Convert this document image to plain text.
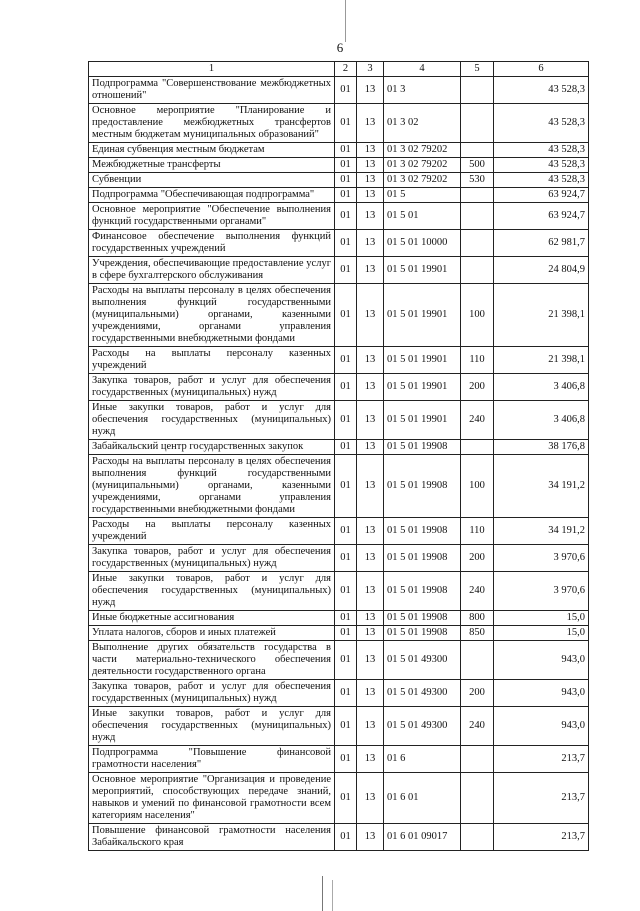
6
1	2	3	4	5	6
Подпрограмма "Совершенствование межбюджетных отношений"	01	13	01 3		43 528,3
Основное мероприятие "Планирование и предоставление межбюджетных трансфертов местным бюджетам муниципальных образований"	01	13	01 3 02		43 528,3
Единая субвенция местным бюджетам	01	13	01 3 02 79202		43 528,3
Межбюджетные трансферты	01	13	01 3 02 79202	500	43 528,3
Субвенции	01	13	01 3 02 79202	530	43 528,3
Подпрограмма "Обеспечивающая подпрограмма"	01	13	01 5		63 924,7
Основное мероприятие "Обеспечение выполнения функций государственными органами"	01	13	01 5 01		63 924,7
Финансовое обеспечение выполнения функций государственных учреждений	01	13	01 5 01 10000		62 981,7
Учреждения, обеспечивающие предоставление услуг в сфере бухгалтерского обслуживания	01	13	01 5 01 19901		24 804,9
Расходы на выплаты персоналу в целях обеспечения выполнения функций государственными (муниципальными) органами, казенными учреждениями, органами управления государственными внебюджетными фондами	01	13	01 5 01 19901	100	21 398,1
Расходы на выплаты персоналу казенных учреждений	01	13	01 5 01 19901	110	21 398,1
Закупка товаров, работ и услуг для обеспечения государственных (муниципальных) нужд	01	13	01 5 01 19901	200	3 406,8
Иные закупки товаров, работ и услуг для обеспечения государственных (муниципальных) нужд	01	13	01 5 01 19901	240	3 406,8
Забайкальский центр государственных закупок	01	13	01 5 01 19908		38 176,8
Расходы на выплаты персоналу в целях обеспечения выполнения функций государственными (муниципальными) органами, казенными учреждениями, органами управления государственными внебюджетными фондами	01	13	01 5 01 19908	100	34 191,2
Расходы на выплаты персоналу казенных учреждений	01	13	01 5 01 19908	110	34 191,2
Закупка товаров, работ и услуг для обеспечения государственных (муниципальных) нужд	01	13	01 5 01 19908	200	3 970,6
Иные закупки товаров, работ и услуг для обеспечения государственных (муниципальных) нужд	01	13	01 5 01 19908	240	3 970,6
Иные бюджетные ассигнования	01	13	01 5 01 19908	800	15,0
Уплата налогов, сборов и иных платежей	01	13	01 5 01 19908	850	15,0
Выполнение других обязательств государства в части материально-технического обеспечения деятельности государственного органа	01	13	01 5 01 49300		943,0
Закупка товаров, работ и услуг для обеспечения государственных (муниципальных) нужд	01	13	01 5 01 49300	200	943,0
Иные закупки товаров, работ и услуг для обеспечения государственных (муниципальных) нужд	01	13	01 5 01 49300	240	943,0
Подпрограмма "Повышение финансовой грамотности населения"	01	13	01 6		213,7
Основное мероприятие "Организация и проведение мероприятий, способствующих передаче знаний, навыков и умений по финансовой грамотности всем категориям населения"	01	13	01 6 01		213,7
Повышение финансовой грамотности населения Забайкальского края	01	13	01 6 01 09017		213,7
